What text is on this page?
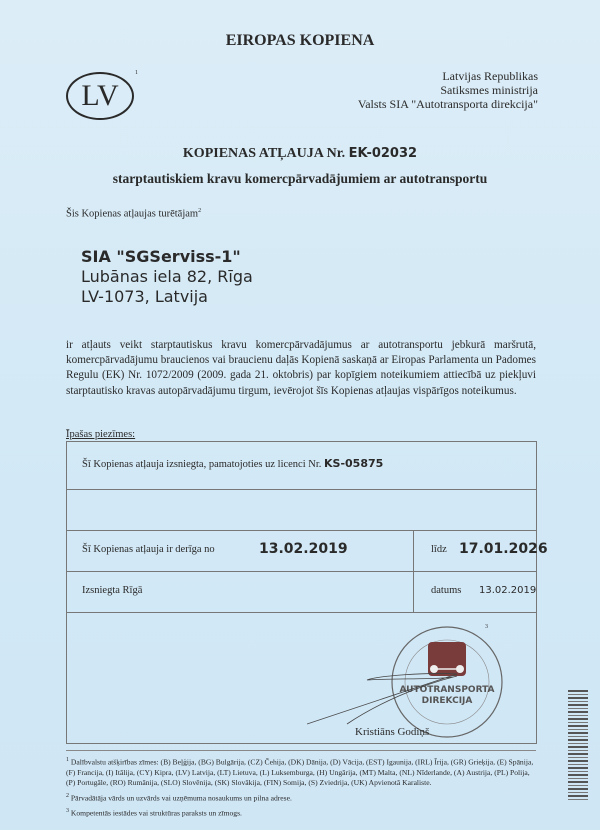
EIROPAS KOPIENA
LV
1	Latvijas Republikas
Satiksmes ministrija
Valsts SIA "Autotransporta direkcija"
KOPIENAS ATĻAUJA Nr. EK-02032
starptautiskiem kravu komercpārvadājumiem ar autotransportu
Šis Kopienas atļaujas turētājam$^2$
SIA "SGServiss-1"
Lubānas iela 82, Rīga
LV-1073, Latvija
ir atļauts veikt starptautiskus kravu komercpārvadājumus ar autotransportu jebkurā maršrutā, komercpārvadājumu braucienos vai braucienu daļās Kopienā saskaņā ar Eiropas Parlamenta un Padomes Regulu (EK) Nr. 1072/2009 (2009. gada 21. oktobris) par kopīgiem noteikumiem attiecībā uz piekļuvi starptautisko kravas autopārvadājumu tirgum, ievērojot šīs Kopienas atļaujas vispārīgos noteikumus.
Īpašas piezīmes:
Šī Kopienas atļauja izsniegta, pamatojoties uz licenci Nr. KS-05875
Šī Kopienas atļauja ir derīga no	13.02.2019	līdz 17.01.2026
Izsniegta Rīgā	datums 13.02.2019
AUTOTRANSPORTA
DIREKCIJA
3
Kristiāns Godiņš

$^1$ Dalībvalstu atšķirības zīmes: (B) Beļģija, (BG) Bulgārija, (CZ) Čehija, (DK) Dānija, (D) Vācija, (EST) Igaunija, (IRL) Īrija, (GR) Grieķija, (E) Spānija, (F) Francija, (I) Itālija, (CY) Kipra, (LV) Latvija, (LT) Lietuva, (L) Luksemburga, (H) Ungārija, (MT) Malta, (NL) Nīderlande, (A) Austrija, (PL) Polija, (P) Portugāle, (RO) Rumānija, (SLO) Slovēnija, (SK) Slovākija, (FIN) Somija, (S) Zviedrija, (UK) Apvienotā Karaliste.

$^2$ Pārvadātāja vārds un uzvārds vai uzņēmuma nosaukums un pilna adrese.

$^3$ Kompetentās iestādes vai struktūras paraksts un zīmogs.
